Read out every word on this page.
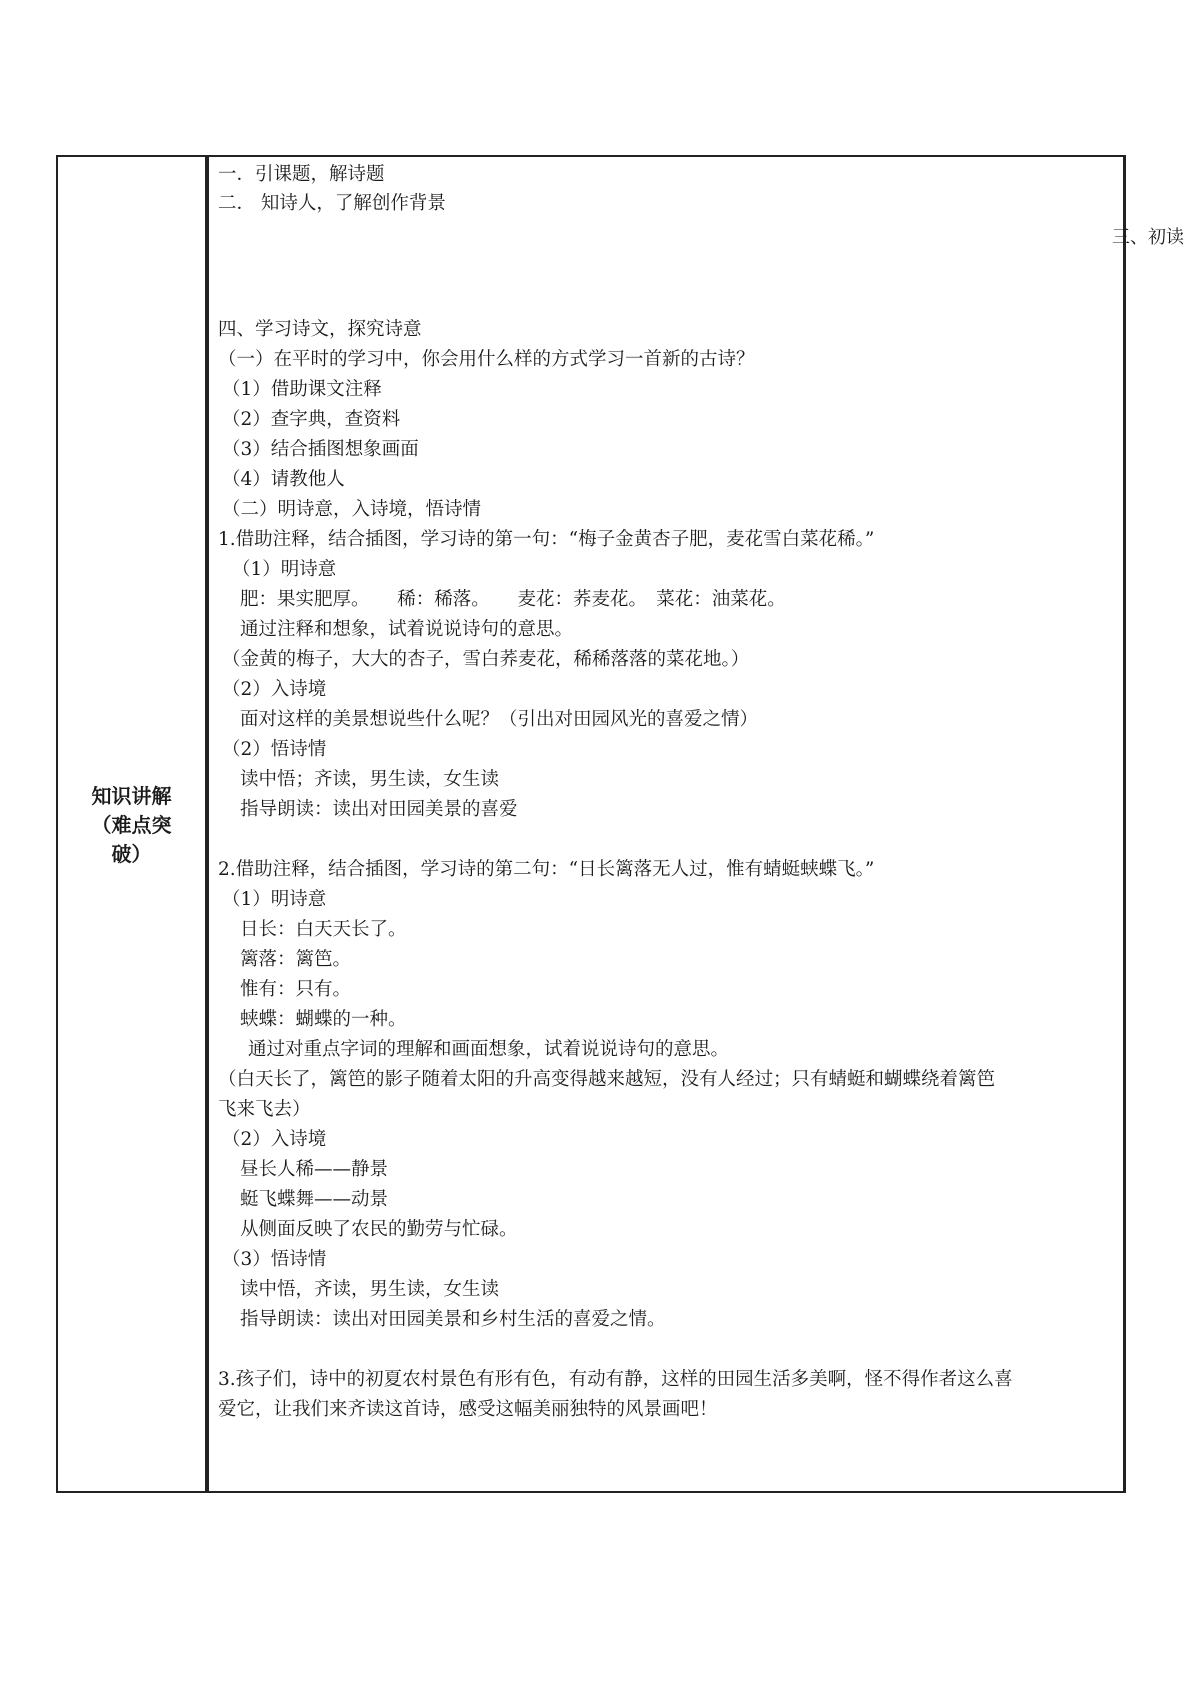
知识讲解
（难点突
破）
三、初读
一．引课题，解诗题
二． 知诗人，了解创作背景
四、学习诗文，探究诗意
（一）在平时的学习中，你会用什么样的方式学习一首新的古诗？
（1）借助课文注释
（2）查字典，查资料
（3）结合插图想象画面
（4）请教他人
（二）明诗意，入诗境，悟诗情
1.借助注释，结合插图，学习诗的第一句：“梅子金黄杏子肥，麦花雪白菜花稀。”
（1）明诗意
肥：果实肥厚。　　稀：稀落。　　麦花：荞麦花。　菜花：油菜花。
通过注释和想象，试着说说诗句的意思。
（金黄的梅子，大大的杏子，雪白荞麦花，稀稀落落的菜花地。）
（2）入诗境
面对这样的美景想说些什么呢？（引出对田园风光的喜爱之情）
（2）悟诗情
读中悟；齐读，男生读，女生读
指导朗读：读出对田园美景的喜爱
2.借助注释，结合插图，学习诗的第二句：“日长篱落无人过，惟有蜻蜓蛱蝶飞。”
（1）明诗意
日长：白天天长了。
篱落：篱笆。
惟有：只有。
蛱蝶：蝴蝶的一种。
通过对重点字词的理解和画面想象，试着说说诗句的意思。
（白天长了，篱笆的影子随着太阳的升高变得越来越短，没有人经过；只有蜻蜓和蝴蝶绕着篱笆
飞来飞去）
（2）入诗境
昼长人稀——静景
蜓飞蝶舞——动景
从侧面反映了农民的勤劳与忙碌。
（3）悟诗情
读中悟，齐读，男生读，女生读
指导朗读：读出对田园美景和乡村生活的喜爱之情。
3.孩子们，诗中的初夏农村景色有形有色，有动有静，这样的田园生活多美啊，怪不得作者这么喜
爱它，让我们来齐读这首诗，感受这幅美丽独特的风景画吧！
